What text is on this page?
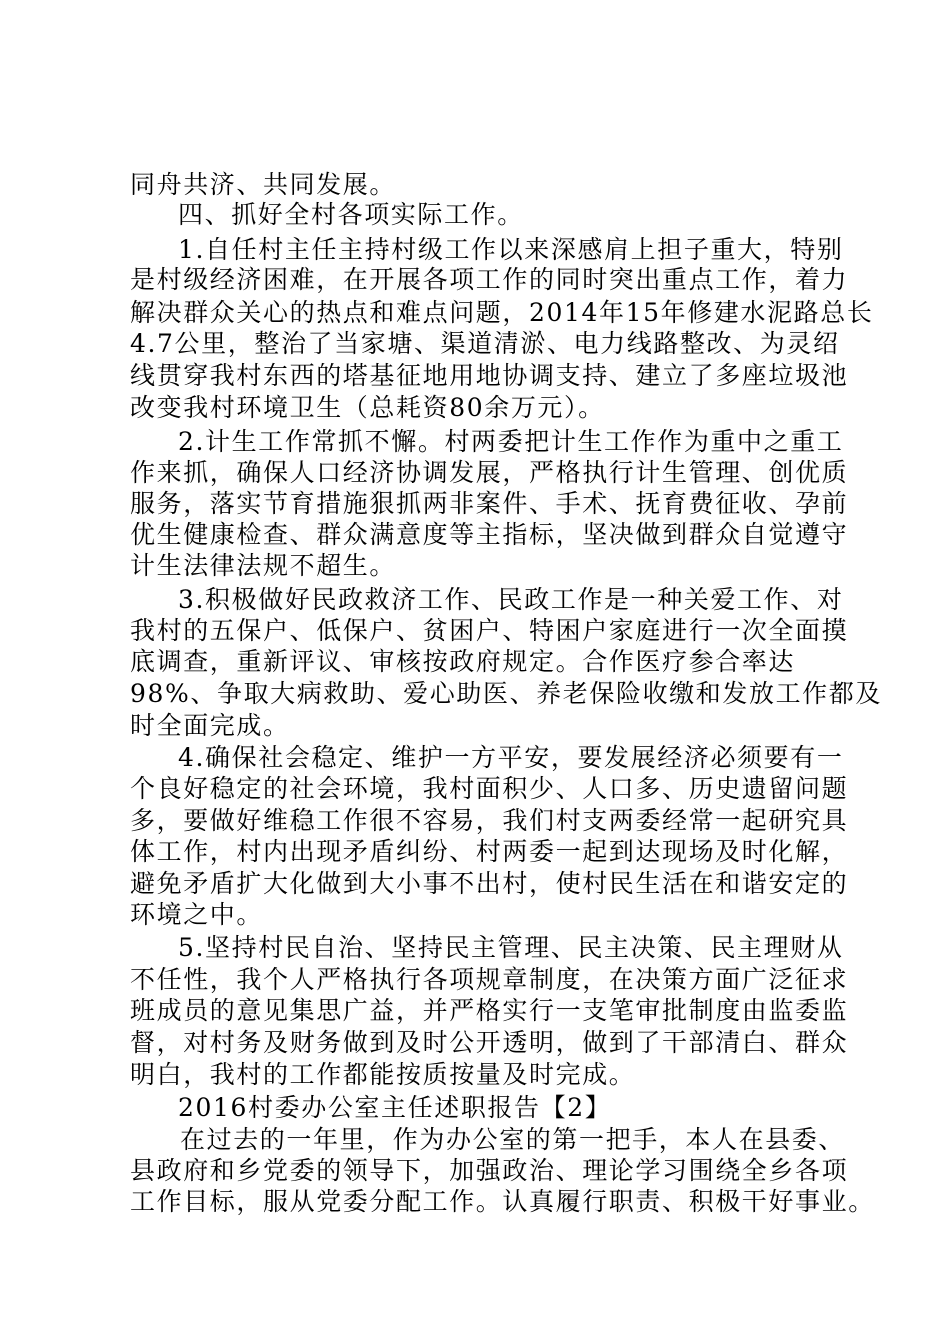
同舟共济、共同发展。
四、抓好全村各项实际工作。
1.自任村主任主持村级工作以来深感肩上担子重大，特别
是村级经济困难，在开展各项工作的同时突出重点工作，着力
解决群众关心的热点和难点问题，2014年15年修建水泥路总长
4.7公里，整治了当家塘、渠道清淤、电力线路整改、为灵绍
线贯穿我村东西的塔基征地用地协调支持、建立了多座垃圾池
改变我村环境卫生（总耗资80余万元）。
2.计生工作常抓不懈。村两委把计生工作作为重中之重工
作来抓，确保人口经济协调发展，严格执行计生管理、创优质
服务，落实节育措施狠抓两非案件、手术、抚育费征收、孕前
优生健康检查、群众满意度等主指标，坚决做到群众自觉遵守
计生法律法规不超生。
3.积极做好民政救济工作、民政工作是一种关爱工作、对
我村的五保户、低保户、贫困户、特困户家庭进行一次全面摸
底调查，重新评议、审核按政府规定。合作医疗参合率达
98%、争取大病救助、爱心助医、养老保险收缴和发放工作都及
时全面完成。
4.确保社会稳定、维护一方平安，要发展经济必须要有一
个良好稳定的社会环境，我村面积少、人口多、历史遗留问题
多，要做好维稳工作很不容易，我们村支两委经常一起研究具
体工作，村内出现矛盾纠纷、村两委一起到达现场及时化解，
避免矛盾扩大化做到大小事不出村，使村民生活在和谐安定的
环境之中。
5.坚持村民自治、坚持民主管理、民主决策、民主理财从
不任性，我个人严格执行各项规章制度，在决策方面广泛征求
班成员的意见集思广益，并严格实行一支笔审批制度由监委监
督，对村务及财务做到及时公开透明，做到了干部清白、群众
明白，我村的工作都能按质按量及时完成。
2016村委办公室主任述职报告【2】
在过去的一年里，作为办公室的第一把手，本人在县委、
县政府和乡党委的领导下，加强政治、理论学习围绕全乡各项
工作目标，服从党委分配工作。认真履行职责、积极干好事业。
